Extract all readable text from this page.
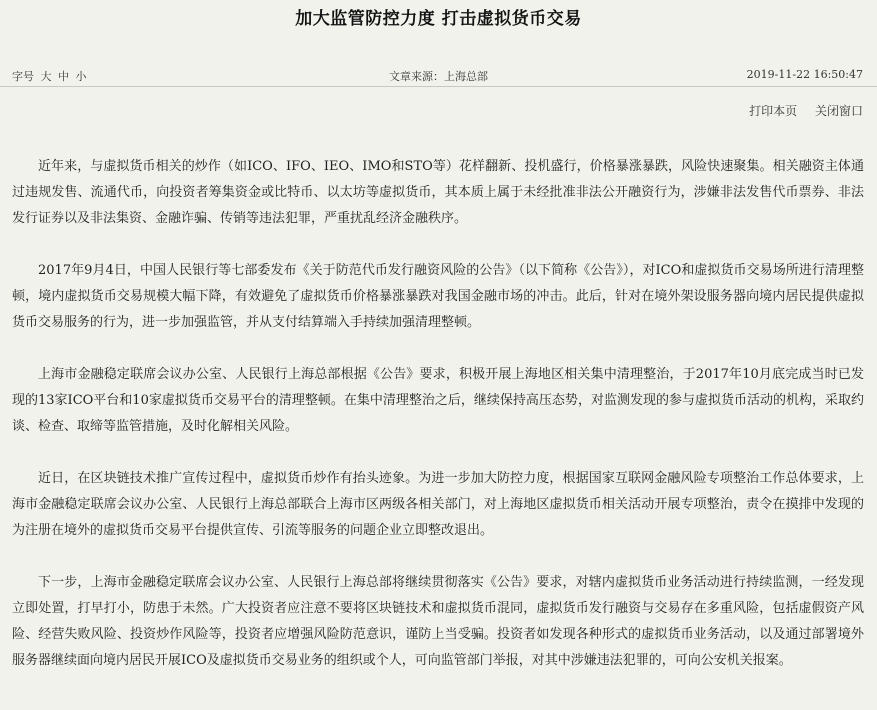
加大监管防控力度 打击虚拟货币交易
字号 大 中 小	文章来源：上海总部	2019-11-22 16:50:47
打印本页 关闭窗口

近年来，与虚拟货币相关的炒作（如ICO、IFO、IEO、IMO和STO等）花样翻新、投机盛行，价格暴涨暴跌，风险快速聚集。相关融资主体通过违规发售、流通代币，向投资者筹集资金或比特币、以太坊等虚拟货币，其本质上属于未经批准非法公开融资行为，涉嫌非法发售代币票券、非法发行证券以及非法集资、金融诈骗、传销等违法犯罪，严重扰乱经济金融秩序。

2017年9月4日，中国人民银行等七部委发布《关于防范代币发行融资风险的公告》（以下简称《公告》），对ICO和虚拟货币交易场所进行清理整顿，境内虚拟货币交易规模大幅下降，有效避免了虚拟货币价格暴涨暴跌对我国金融市场的冲击。此后，针对在境外架设服务器向境内居民提供虚拟货币交易服务的行为，进一步加强监管，并从支付结算端入手持续加强清理整顿。

上海市金融稳定联席会议办公室、人民银行上海总部根据《公告》要求，积极开展上海地区相关集中清理整治，于2017年10月底完成当时已发现的13家ICO平台和10家虚拟货币交易平台的清理整顿。在集中清理整治之后，继续保持高压态势，对监测发现的参与虚拟货币活动的机构，采取约谈、检查、取缔等监管措施，及时化解相关风险。

近日，在区块链技术推广宣传过程中，虚拟货币炒作有抬头迹象。为进一步加大防控力度，根据国家互联网金融风险专项整治工作总体要求，上海市金融稳定联席会议办公室、人民银行上海总部联合上海市区两级各相关部门，对上海地区虚拟货币相关活动开展专项整治，责令在摸排中发现的为注册在境外的虚拟货币交易平台提供宣传、引流等服务的问题企业立即整改退出。

下一步，上海市金融稳定联席会议办公室、人民银行上海总部将继续贯彻落实《公告》要求，对辖内虚拟货币业务活动进行持续监测，一经发现立即处置，打早打小，防患于未然。广大投资者应注意不要将区块链技术和虚拟货币混同，虚拟货币发行融资与交易存在多重风险，包括虚假资产风险、经营失败风险、投资炒作风险等，投资者应增强风险防范意识，谨防上当受骗。投资者如发现各种形式的虚拟货币业务活动，以及通过部署境外服务器继续面向境内居民开展ICO及虚拟货币交易业务的组织或个人，可向监管部门举报，对其中涉嫌违法犯罪的，可向公安机关报案。
